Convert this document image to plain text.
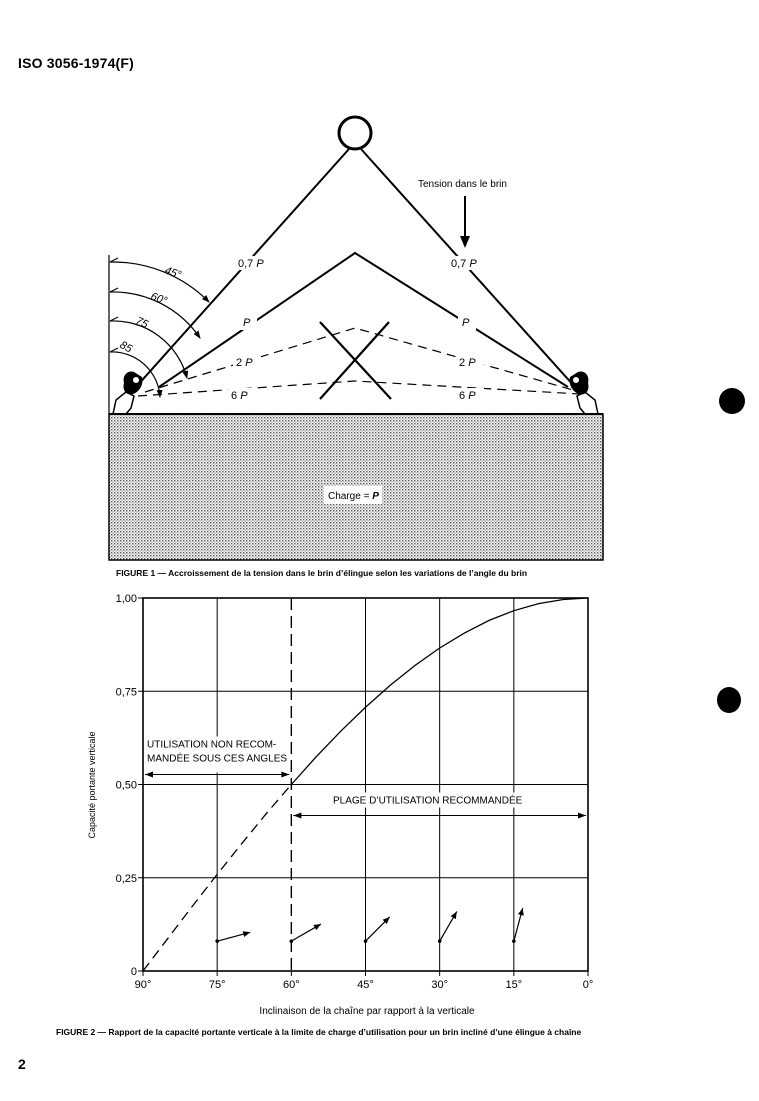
ISO 3056-1974(F)
Charge = P
45°
60°
75
85
Tension dans le brin
0,7 P	0,7 P
P	P
2 P	2 P
6 P	6 P
FIGURE 1 — Accroissement de la tension dans le brin d’élingue selon les variations de l’angle du brin
90°	75°	60°	45°	30°	15°	0°
0
0,25
0,50
0,75
1,00
UTILISATION NON RECOM-
MANDÉE SOUS CES ANGLES
PLAGE D’UTILISATION RECOMMANDÉE
Inclinaison de la chaîne par rapport à la verticale
Capacité portante verticale
FIGURE 2 — Rapport de la capacité portante verticale à la limite de charge d’utilisation pour un brin incliné d’une élingue à chaîne
2
